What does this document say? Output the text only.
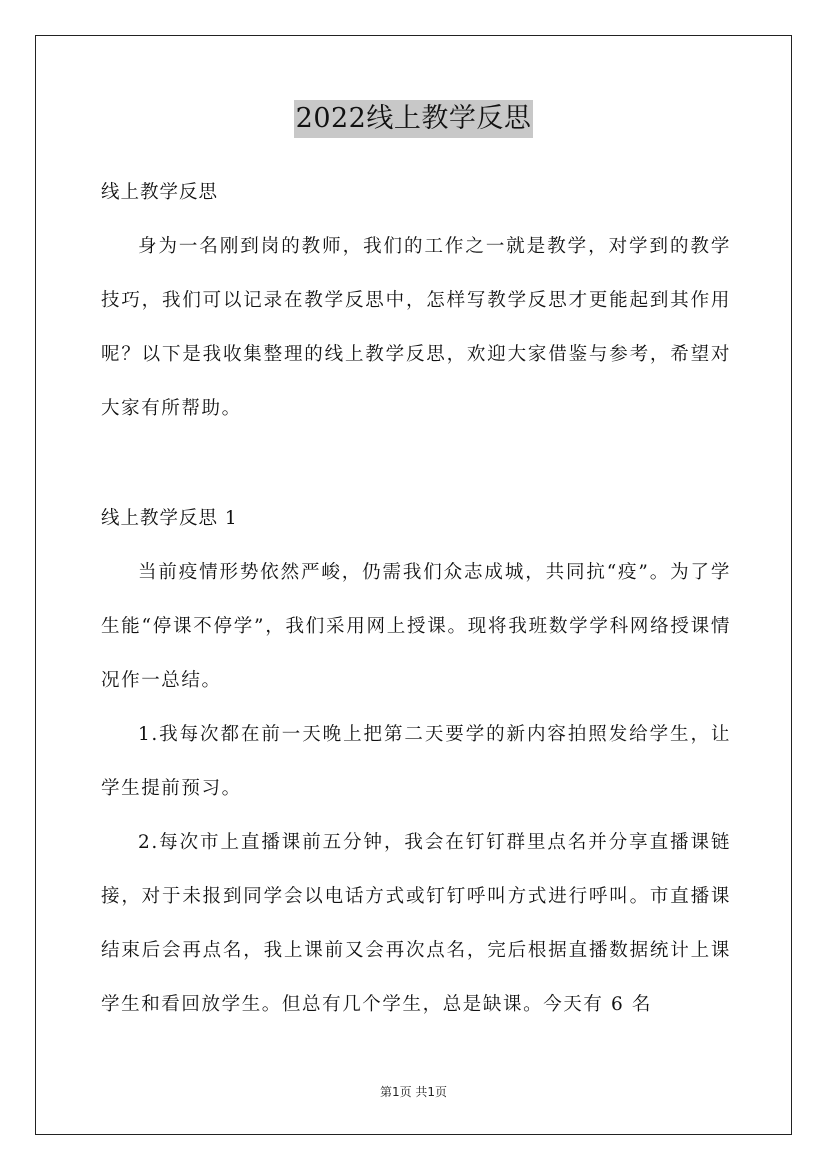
2022线上教学反思

线上教学反思

身为一名刚到岗的教师，我们的工作之一就是教学，对学到的教学技巧，我们可以记录在教学反思中，怎样写教学反思才更能起到其作用呢？以下是我收集整理的线上教学反思，欢迎大家借鉴与参考，希望对大家有所帮助。

线上教学反思 1

当前疫情形势依然严峻，仍需我们众志成城，共同抗“疫”。为了学生能“停课不停学”，我们采用网上授课。现将我班数学学科网络授课情况作一总结。

1.我每次都在前一天晚上把第二天要学的新内容拍照发给学生，让学生提前预习。

2.每次市上直播课前五分钟，我会在钉钉群里点名并分享直播课链接，对于未报到同学会以电话方式或钉钉呼叫方式进行呼叫。市直播课结束后会再点名，我上课前又会再次点名，完后根据直播数据统计上课学生和看回放学生。但总有几个学生，总是缺课。今天有 6 名

第1页 共1页
